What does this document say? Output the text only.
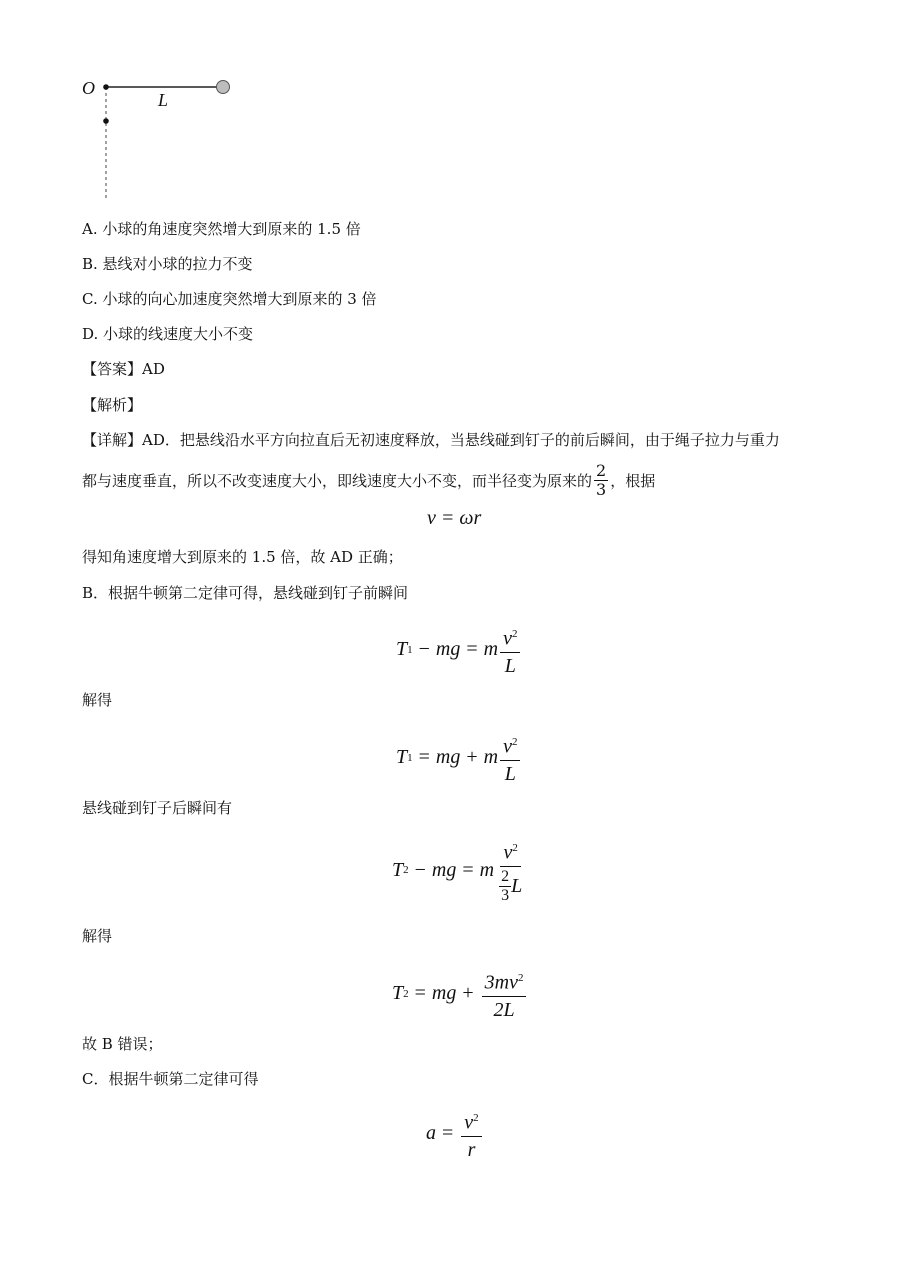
O
L
A. 小球的角速度突然增大到原来的 1.5 倍
B. 悬线对小球的拉力不变
C. 小球的向心加速度突然增大到原来的 3 倍
D. 小球的线速度大小不变
【答案】AD
【解析】
【详解】AD．把悬线沿水平方向拉直后无初速度释放，当悬线碰到钉子的前后瞬间，由于绳子拉力与重力
都与速度垂直，所以不改变速度大小，即线速度大小不变，而半径变为原来的 $\frac{2}{3}$ ，根据
v = ωr
得知角速度增大到原来的 1.5 倍，故 AD 正确；
B．根据牛顿第二定律可得，悬线碰到钉子前瞬间
T 1 − mg = m $\frac{v^2}{L}$
解得
T 1 = mg + m $\frac{v^2}{L}$
悬线碰到钉子后瞬间有
T 2 − mg = m $\frac{v^2}{\frac{2}{3} L}$
解得
T 2 = mg + $\frac{3mv^2}{2L}$
故 B 错误；
C．根据牛顿第二定律可得
$a = \frac{v^2}{r}$
